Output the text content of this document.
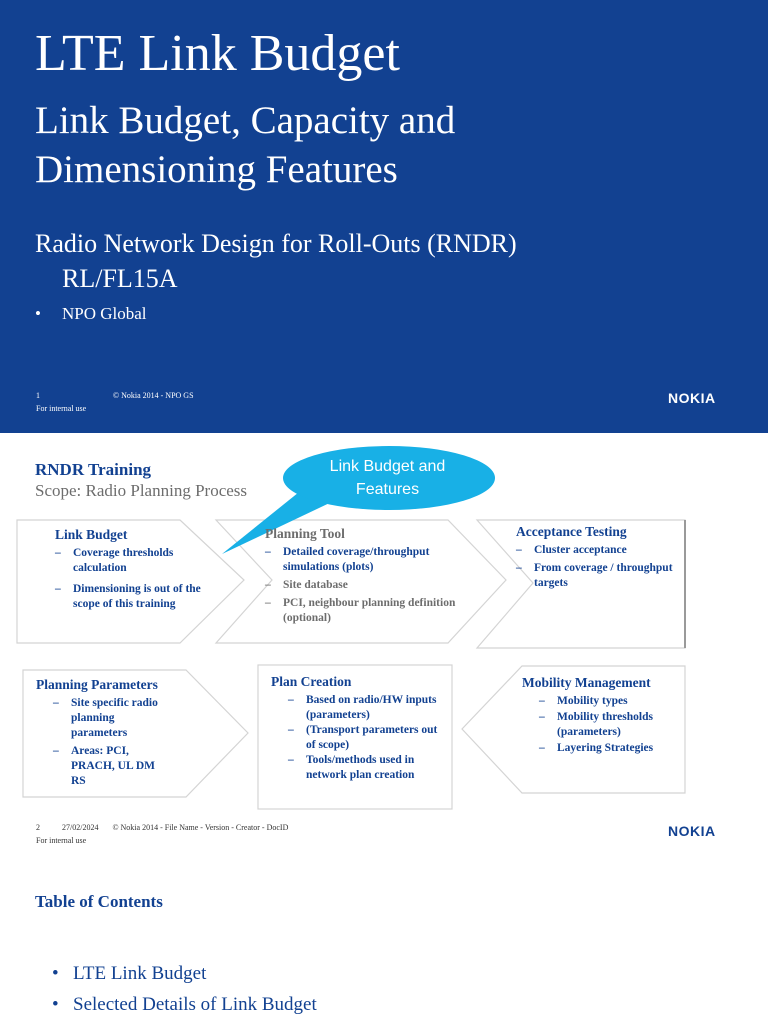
LTE Link Budget
Link Budget, Capacity and
Dimensioning Features
Radio Network Design for Roll-Outs (RNDR)
RL/FL15A
• NPO Global
1	© Nokia 2014 - NPO GS
For internal use
NOKIA
RNDR Training
Scope: Radio Planning Process
Link Budget and
Features
Link Budget
– Coverage thresholds calculation
– Dimensioning is out of the scope of this training
Planning Tool
– Detailed coverage/throughput simulations (plots)
– Site database
– PCI, neighbour planning definition (optional)
Acceptance Testing
– Cluster acceptance
– From coverage / throughput targets
Planning Parameters
– Site specific radio planning parameters
– Areas: PCI, PRACH, UL DM RS
Plan Creation
– Based on radio/HW inputs (parameters)
– (Transport parameters out of scope)
– Tools/methods used in network plan creation
Mobility Management
– Mobility types
– Mobility thresholds (parameters)
– Layering Strategies
2	27/02/2024 © Nokia 2014 - File Name - Version - Creator - DocID
For internal use
NOKIA
Table of Contents
• LTE Link Budget
• Selected Details of Link Budget
